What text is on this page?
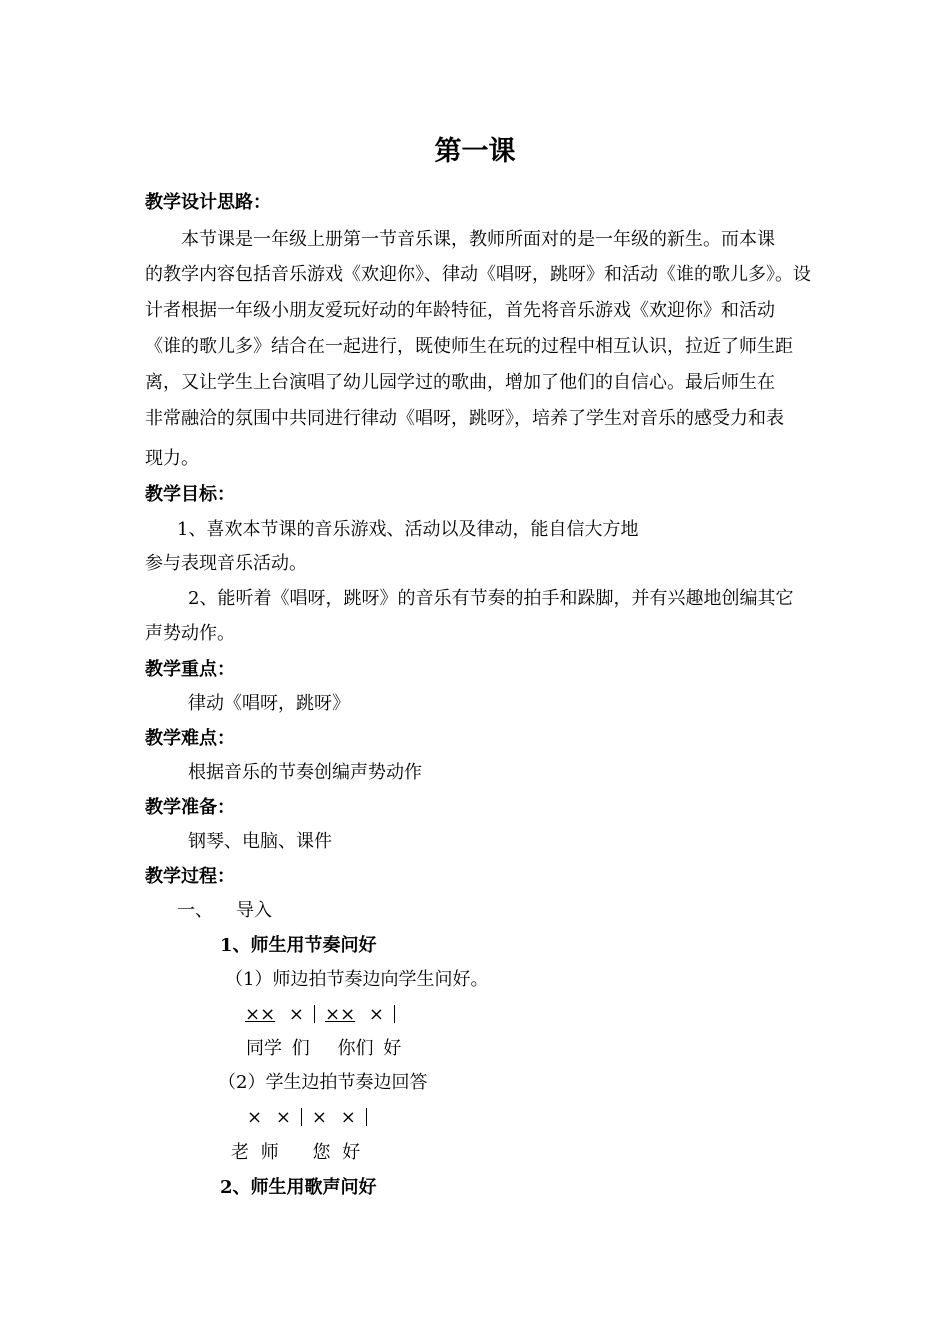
第一课
教学设计思路：
本节课是一年级上册第一节音乐课，教师所面对的是一年级的新生。而本课
的教学内容包括音乐游戏《欢迎你》、律动《唱呀，跳呀》和活动《谁的歌儿多》。设
计者根据一年级小朋友爱玩好动的年龄特征，首先将音乐游戏《欢迎你》和活动
《谁的歌儿多》结合在一起进行，既使师生在玩的过程中相互认识，拉近了师生距
离，又让学生上台演唱了幼儿园学过的歌曲，增加了他们的自信心。最后师生在
非常融洽的氛围中共同进行律动《唱呀，跳呀》，培养了学生对音乐的感受力和表
现力。
教学目标：
1、喜欢本节课的音乐游戏、活动以及律动，能自信大方地
参与表现音乐活动。
2、能听着《唱呀，跳呀》的音乐有节奏的拍手和跺脚，并有兴趣地创编其它
声势动作。
教学重点：
律动《唱呀，跳呀》
教学难点：
根据音乐的节奏创编声势动作
教学准备：
钢琴、电脑、课件
教学过程：
一、 导入
1、师生用节奏问好
（1）师边拍节奏边向学生问好。
×× × ×× ×
同学 们 你们 好
（2）学生边拍节奏边回答
× × × ×
老 师 您 好
2、师生用歌声问好
